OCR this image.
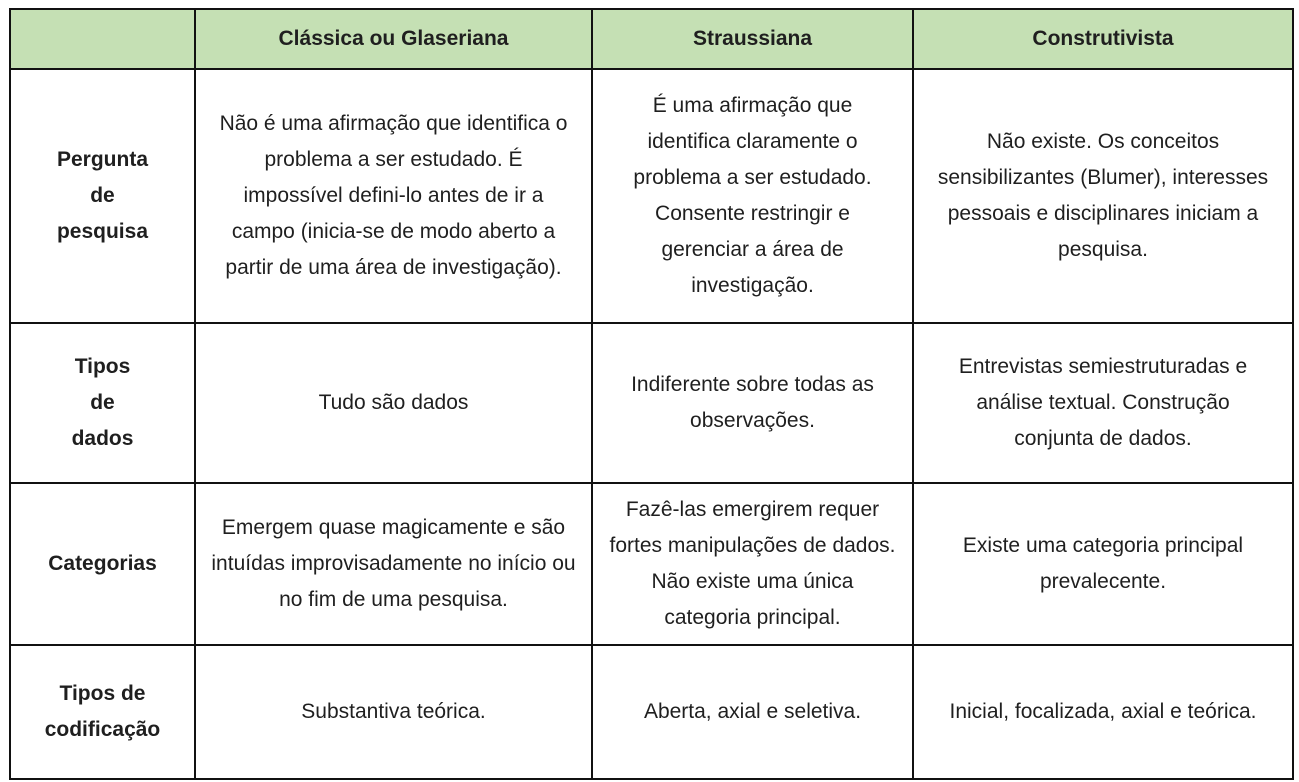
	Clássica ou Glaseriana	Straussiana	Construtivista

Pergunta de pesquisa	Não é uma afirmação que identifica o problema a ser estudado. É impossível defini-lo antes de ir a campo (inicia-se de modo aberto a partir de uma área de investigação).	É uma afirmação que identifica claramente o problema a ser estudado. Consente restringir e gerenciar a área de investigação.	Não existe. Os conceitos sensibilizantes (Blumer), interesses pessoais e disciplinares iniciam a pesquisa.

Tipos de dados	Tudo são dados	Indiferente sobre todas as observações.	Entrevistas semiestruturadas e análise textual. Construção conjunta de dados.

Categorias	Emergem quase magicamente e são intuídas improvisadamente no início ou no fim de uma pesquisa.	Fazê-las emergirem requer fortes manipulações de dados. Não existe uma única categoria principal.	Existe uma categoria principal prevalecente.

Tipos de codificação	Substantiva teórica.	Aberta, axial e seletiva.	Inicial, focalizada, axial e teórica.
